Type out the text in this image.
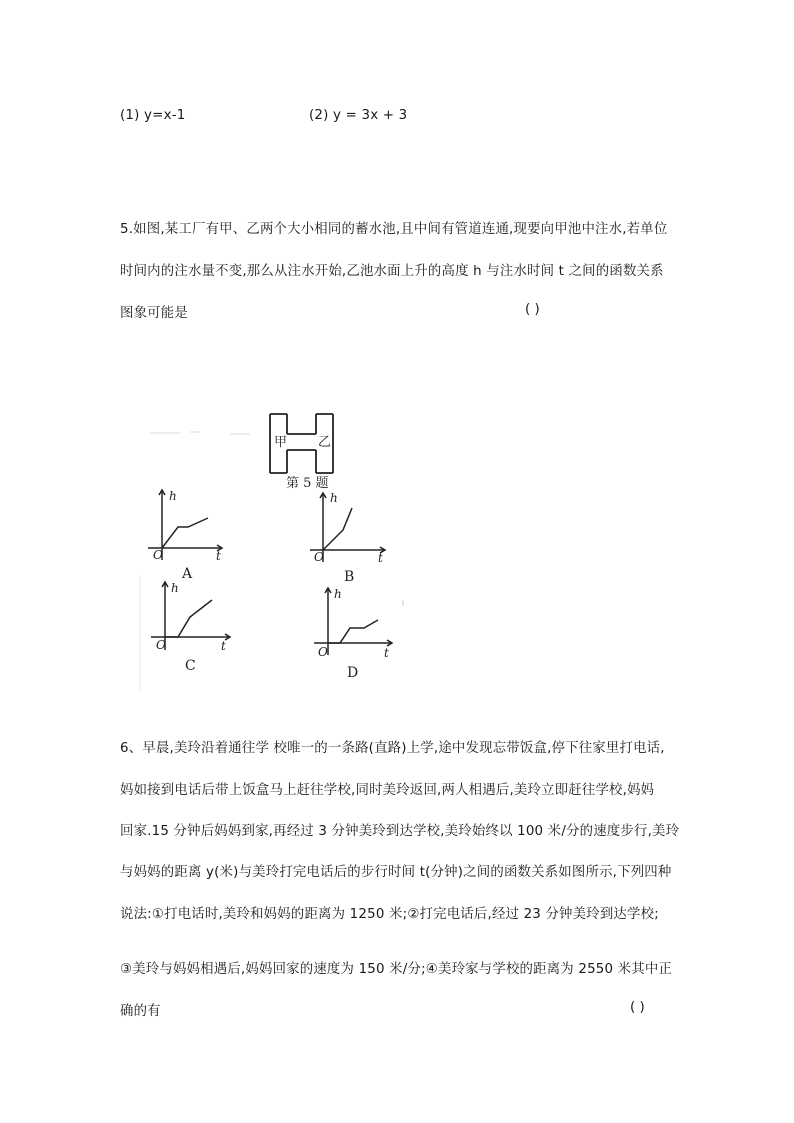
(1) y=x-1	(2) y = 3x + 3
5.如图,某工厂有甲、乙两个大小相同的蓄水池,且中间有管道连通,现要向甲池中注水,若单位
时间内的注水量不变,那么从注水开始,乙池水面上升的高度 h 与注水时间 t 之间的函数关系
图象可能是	( )
甲 乙
第 5 题
h
t
O
A
h
t
O
B
h
t
O
C
h
t
O
D
6、早晨,美玲沿着通往学 校唯一的一条路(直路)上学,途中发现忘带饭盒,停下往家里打电话,
妈如接到电话后带上饭盒马上赶往学校,同时美玲返回,两人相遇后,美玲立即赶往学校,妈妈
回家.15 分钟后妈妈到家,再经过 3 分钟美玲到达学校,美玲始终以 100 米/分的速度步行,美玲
与妈妈的距离 y(米)与美玲打完电话后的步行时间 t(分钟)之间的函数关系如图所示,下列四种
说法:①打电话时,美玲和妈妈的距离为 1250 米;②打完电话后,经过 23 分钟美玲到达学校;
③美玲与妈妈相遇后,妈妈回家的速度为 150 米/分;④美玲家与学校的距离为 2550 米其中正
确的有	( )
